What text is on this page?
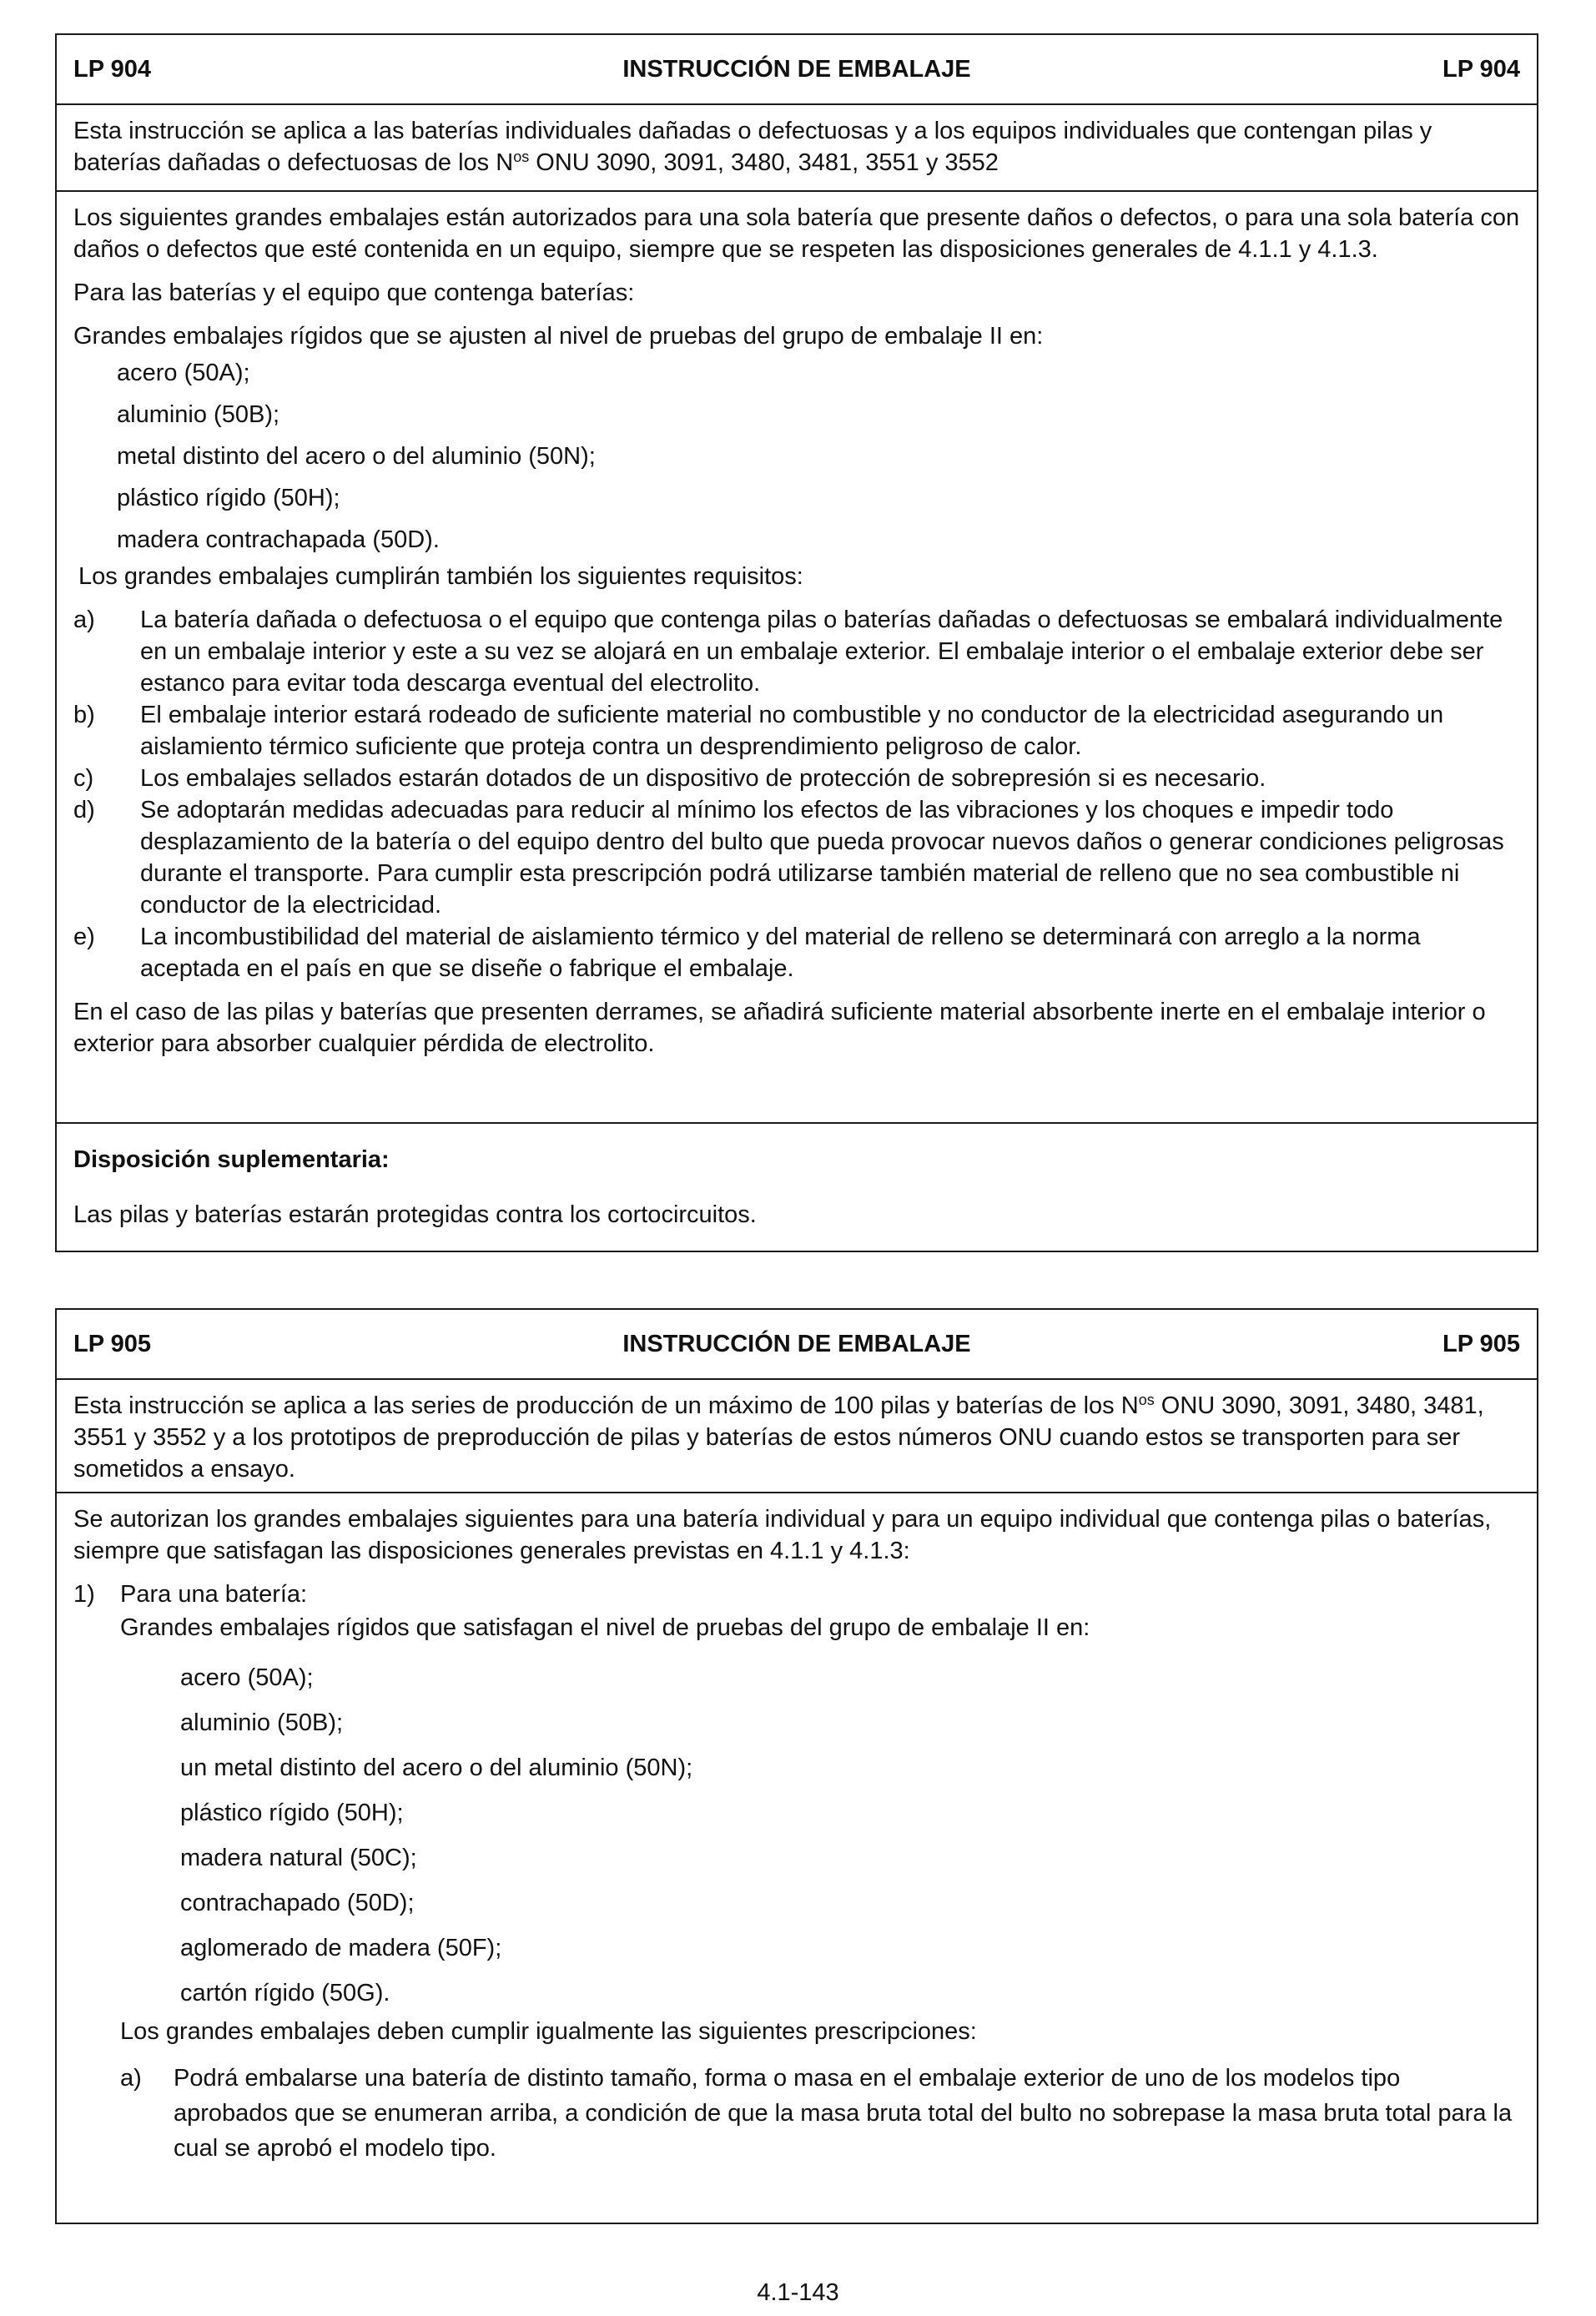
LP 904	INSTRUCCIÓN DE EMBALAJE	LP 904

Esta instrucción se aplica a las baterías individuales dañadas o defectuosas y a los equipos individuales que contengan pilas y baterías dañadas o defectuosas de los $N^{os}$ ONU 3090, 3091, 3480, 3481, 3551 y 3552

Los siguientes grandes embalajes están autorizados para una sola batería que presente daños o defectos, o para una sola batería con daños o defectos que esté contenida en un equipo, siempre que se respeten las disposiciones generales de 4.1.1 y 4.1.3.

Para las baterías y el equipo que contenga baterías:

Grandes embalajes rígidos que se ajusten al nivel de pruebas del grupo de embalaje II en:

acero (50A);

aluminio (50B);

metal distinto del acero o del aluminio (50N);

plástico rígido (50H);

madera contrachapada (50D).

Los grandes embalajes cumplirán también los siguientes requisitos:

a)	La batería dañada o defectuosa o el equipo que contenga pilas o baterías dañadas o defectuosas se embalará individualmente en un embalaje interior y este a su vez se alojará en un embalaje exterior. El embalaje interior o el embalaje exterior debe ser estanco para evitar toda descarga eventual del electrolito.
b)	El embalaje interior estará rodeado de suficiente material no combustible y no conductor de la electricidad asegurando un aislamiento térmico suficiente que proteja contra un desprendimiento peligroso de calor.
c)	Los embalajes sellados estarán dotados de un dispositivo de protección de sobrepresión si es necesario.
d)	Se adoptarán medidas adecuadas para reducir al mínimo los efectos de las vibraciones y los choques e impedir todo desplazamiento de la batería o del equipo dentro del bulto que pueda provocar nuevos daños o generar condiciones peligrosas durante el transporte. Para cumplir esta prescripción podrá utilizarse también material de relleno que no sea combustible ni conductor de la electricidad.
e)	La incombustibilidad del material de aislamiento térmico y del material de relleno se determinará con arreglo a la norma aceptada en el país en que se diseñe o fabrique el embalaje.

En el caso de las pilas y baterías que presenten derrames, se añadirá suficiente material absorbente inerte en el embalaje interior o exterior para absorber cualquier pérdida de electrolito.

Disposición suplementaria:

Las pilas y baterías estarán protegidas contra los cortocircuitos.

LP 905	INSTRUCCIÓN DE EMBALAJE	LP 905

Esta instrucción se aplica a las series de producción de un máximo de 100 pilas y baterías de los $N^{os}$ ONU 3090, 3091, 3480, 3481, 3551 y 3552 y a los prototipos de preproducción de pilas y baterías de estos números ONU cuando estos se transporten para ser sometidos a ensayo.

Se autorizan los grandes embalajes siguientes para una batería individual y para un equipo individual que contenga pilas o baterías, siempre que satisfagan las disposiciones generales previstas en 4.1.1 y 4.1.3:

1)	Para una batería:

Grandes embalajes rígidos que satisfagan el nivel de pruebas del grupo de embalaje II en:

acero (50A);

aluminio (50B);

un metal distinto del acero o del aluminio (50N);

plástico rígido (50H);

madera natural (50C);

contrachapado (50D);

aglomerado de madera (50F);

cartón rígido (50G).

Los grandes embalajes deben cumplir igualmente las siguientes prescripciones:

a)	Podrá embalarse una batería de distinto tamaño, forma o masa en el embalaje exterior de uno de los modelos tipo aprobados que se enumeran arriba, a condición de que la masa bruta total del bulto no sobrepase la masa bruta total para la cual se aprobó el modelo tipo.
4.1-143
